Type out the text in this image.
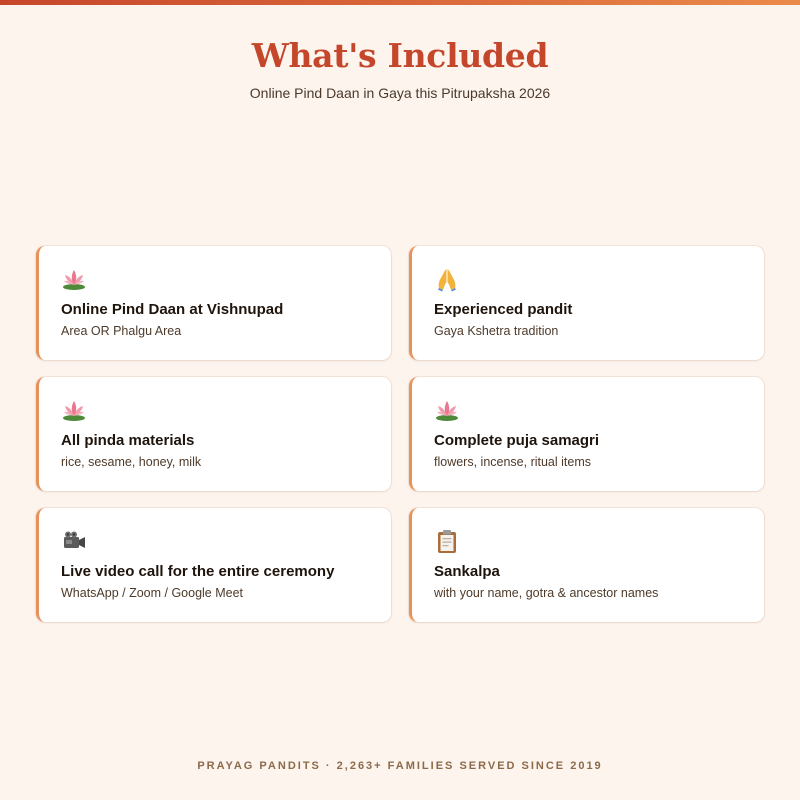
What's Included
Online Pind Daan in Gaya this Pitrupaksha 2026
Online Pind Daan at Vishnupad
Area OR Phalgu Area
Experienced pandit
Gaya Kshetra tradition
All pinda materials
rice, sesame, honey, milk
Complete puja samagri
flowers, incense, ritual items
Live video call for the entire ceremony
WhatsApp / Zoom / Google Meet
Sankalpa
with your name, gotra & ancestor names
PRAYAG PANDITS · 2,263+ FAMILIES SERVED SINCE 2019
